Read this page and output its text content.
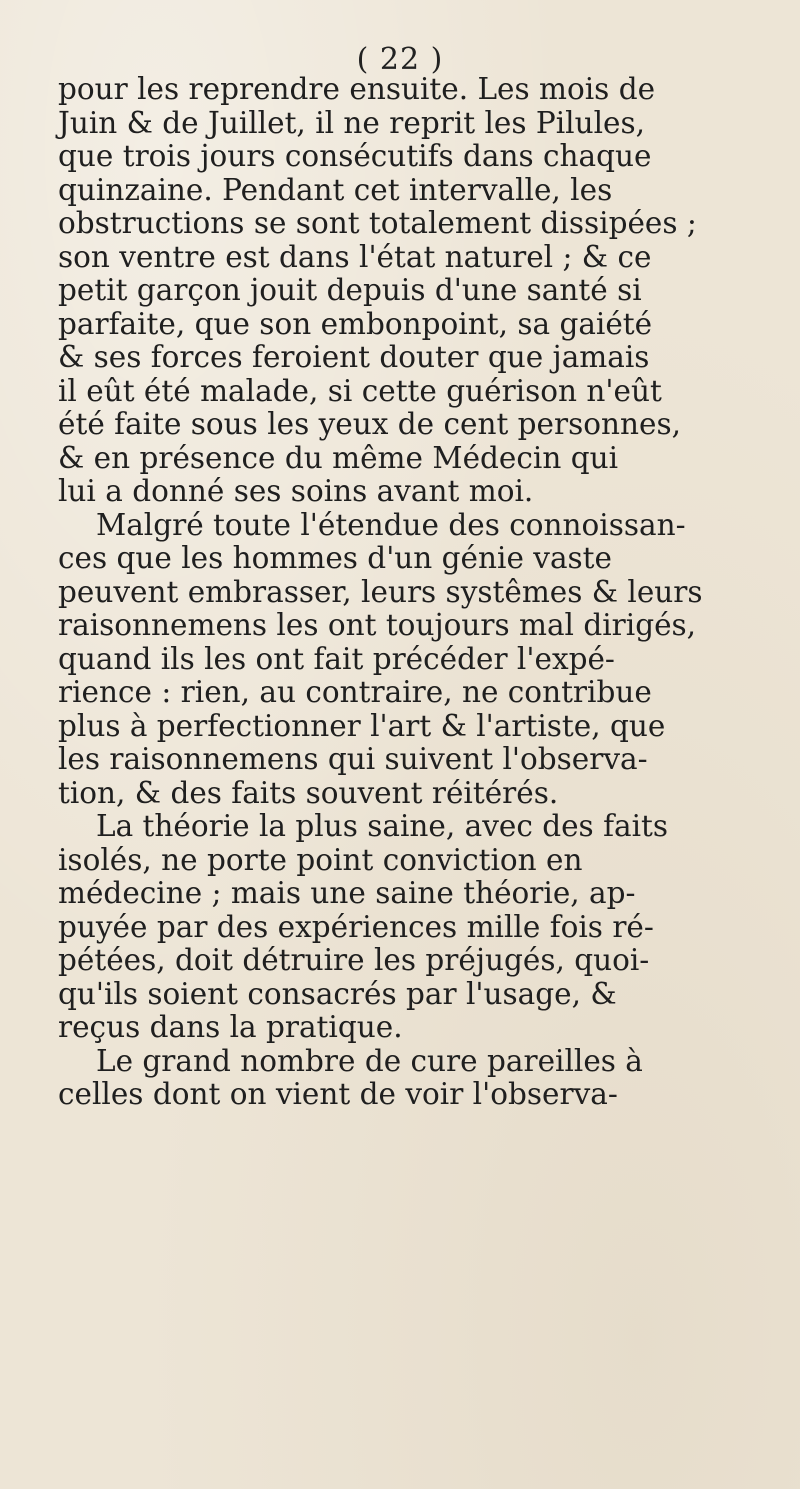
( 22 )
pour les reprendre ensuite. Les mois de
Juin & de Juillet, il ne reprit les Pilules,
que trois jours consécutifs dans chaque
quinzaine. Pendant cet intervalle, les
obstructions se sont totalement dissipées ;
son ventre est dans l'état naturel ; & ce
petit garçon jouit depuis d'une santé si
parfaite, que son embonpoint, sa gaiété
& ses forces feroient douter que jamais
il eût été malade, si cette guérison n'eût
été faite sous les yeux de cent personnes,
& en présence du même Médecin qui
lui a donné ses soins avant moi.
Malgré toute l'étendue des connoissan-
ces que les hommes d'un génie vaste
peuvent embrasser, leurs systêmes & leurs
raisonnemens les ont toujours mal dirigés,
quand ils les ont fait précéder l'expé-
rience : rien, au contraire, ne contribue
plus à perfectionner l'art & l'artiste, que
les raisonnemens qui suivent l'observa-
tion, & des faits souvent réitérés.
La théorie la plus saine, avec des faits
isolés, ne porte point conviction en
médecine ; mais une saine théorie, ap-
puyée par des expériences mille fois ré-
pétées, doit détruire les préjugés, quoi-
qu'ils soient consacrés par l'usage, &
reçus dans la pratique.
Le grand nombre de cure pareilles à
celles dont on vient de voir l'observa-
